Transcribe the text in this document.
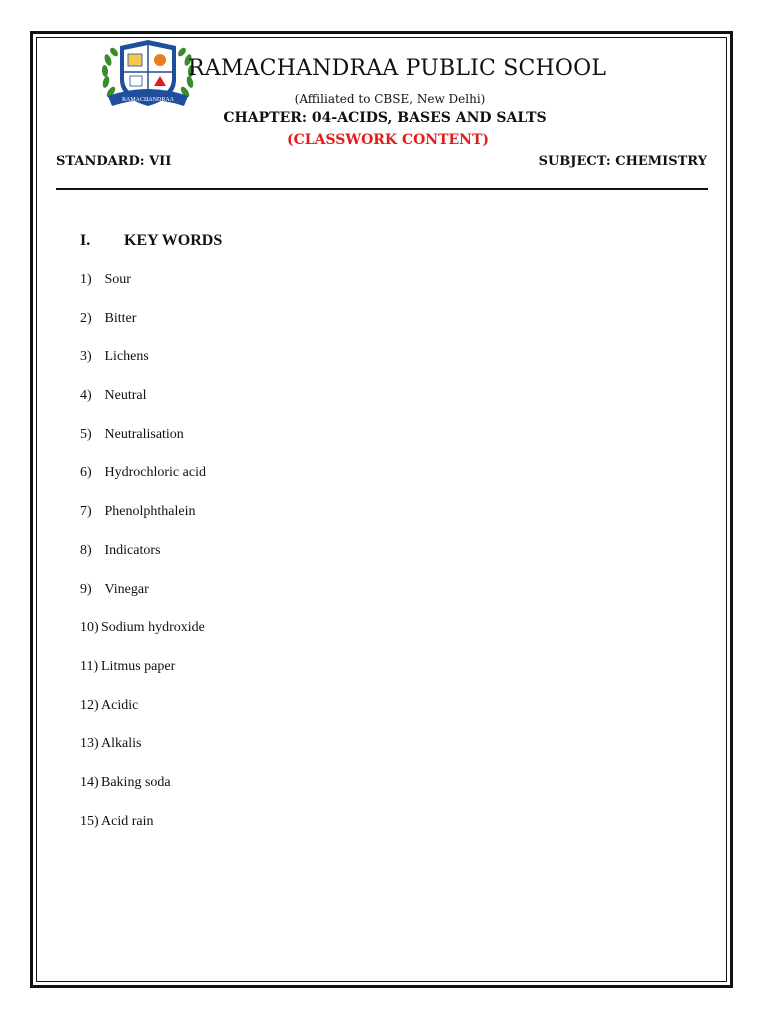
RAMACHANDRAA
RAMACHANDRAA PUBLIC SCHOOL
(Affiliated to CBSE, New Delhi)
CHAPTER: 04-ACIDS, BASES AND SALTS
(CLASSWORK CONTENT)
STANDARD: VII	SUBJECT: CHEMISTRY
I. KEY WORDS
1) Sour
2) Bitter
3) Lichens
4) Neutral
5) Neutralisation
6) Hydrochloric acid
7) Phenolphthalein
8) Indicators
9) Vinegar
10) Sodium hydroxide
11) Litmus paper
12) Acidic
13) Alkalis
14) Baking soda
15) Acid rain
